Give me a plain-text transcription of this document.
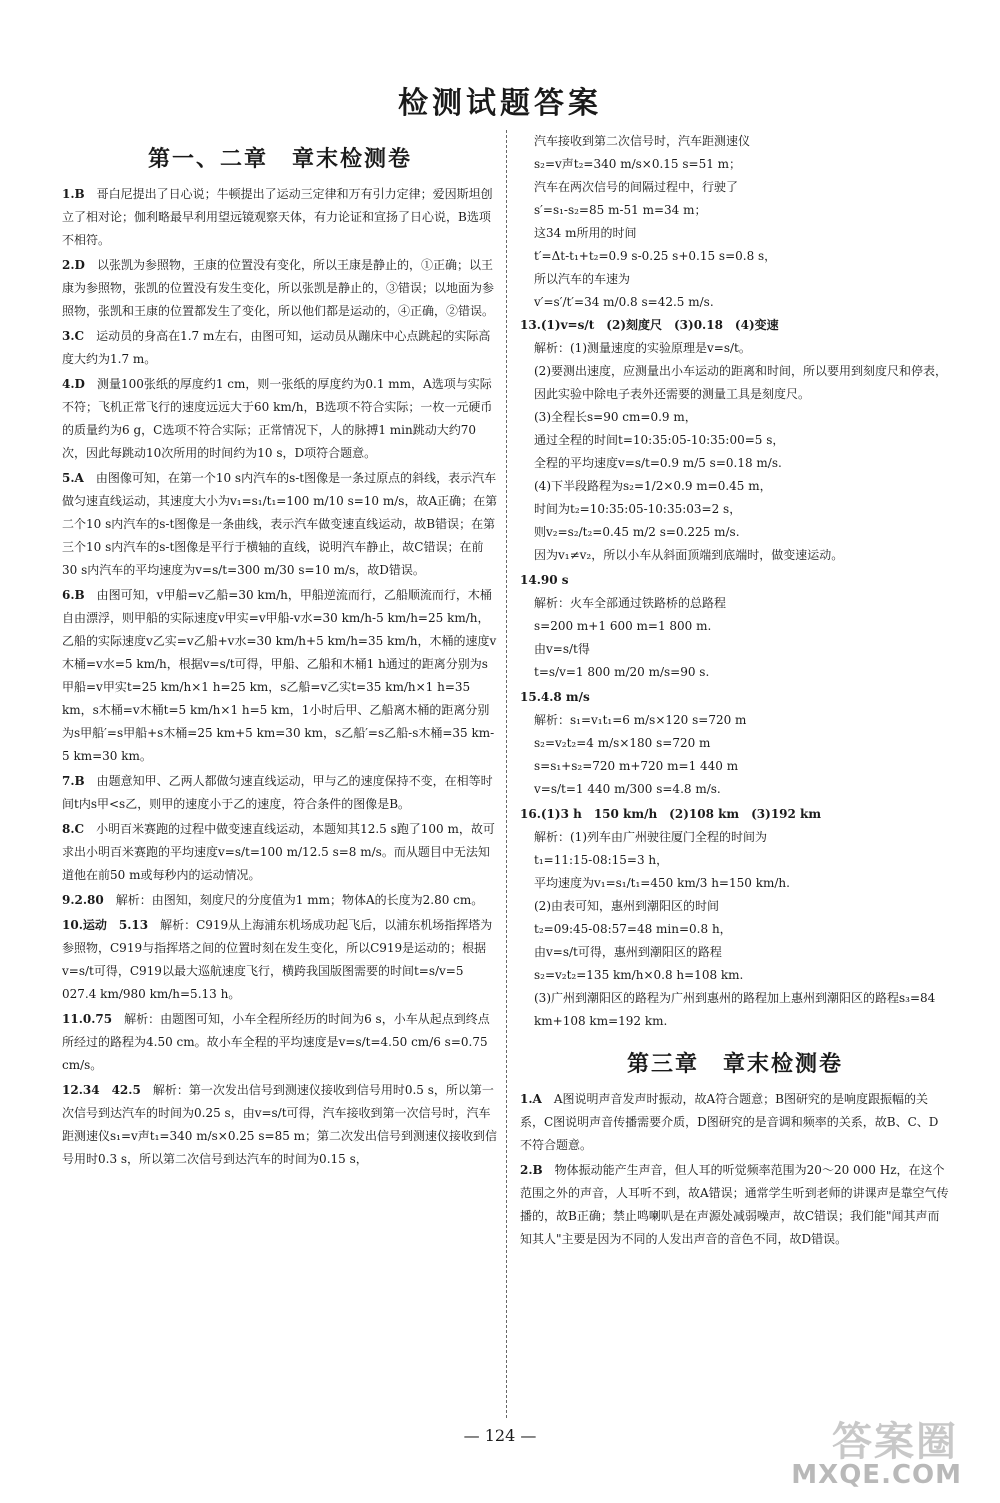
检测试题答案
第一、二章　章末检测卷
1.B　哥白尼提出了日心说；牛顿提出了运动三定律和万有引力定律；爱因斯坦创立了相对论；伽利略最早利用望远镜观察天体，有力论证和宣扬了日心说，B选项不相符。
2.D　以张凯为参照物，王康的位置没有变化，所以王康是静止的，①正确；以王康为参照物，张凯的位置没有发生变化，所以张凯是静止的，③错误；以地面为参照物，张凯和王康的位置都发生了变化，所以他们都是运动的，④正确，②错误。
3.C　运动员的身高在1.7 m左右，由图可知，运动员从蹦床中心点跳起的实际高度大约为1.7 m。
4.D　测量100张纸的厚度约1 cm，则一张纸的厚度约为0.1 mm，A选项与实际不符；飞机正常飞行的速度远远大于60 km/h，B选项不符合实际；一枚一元硬币的质量约为6 g，C选项不符合实际；正常情况下，人的脉搏1 min跳动大约70次，因此每跳动10次所用的时间约为10 s，D项符合题意。
5.A　由图像可知，在第一个10 s内汽车的s-t图像是一条过原点的斜线，表示汽车做匀速直线运动，其速度大小为v₁=s₁/t₁=100 m/10 s=10 m/s，故A正确；在第二个10 s内汽车的s-t图像是一条曲线，表示汽车做变速直线运动，故B错误；在第三个10 s内汽车的s-t图像是平行于横轴的直线，说明汽车静止，故C错误；在前30 s内汽车的平均速度为v=s/t=300 m/30 s=10 m/s，故D错误。
6.B　由图可知，v甲船=v乙船=30 km/h，甲船逆流而行，乙船顺流而行，木桶自由漂浮，则甲船的实际速度v甲实=v甲船-v水=30 km/h-5 km/h=25 km/h，乙船的实际速度v乙实=v乙船+v水=30 km/h+5 km/h=35 km/h，木桶的速度v木桶=v水=5 km/h，根据v=s/t可得，甲船、乙船和木桶1 h通过的距离分别为s甲船=v甲实t=25 km/h×1 h=25 km，s乙船=v乙实t=35 km/h×1 h=35 km，s木桶=v木桶t=5 km/h×1 h=5 km，1小时后甲、乙船离木桶的距离分别为s甲船′=s甲船+s木桶=25 km+5 km=30 km，s乙船′=s乙船-s木桶=35 km-5 km=30 km。
7.B　由题意知甲、乙两人都做匀速直线运动，甲与乙的速度保持不变，在相等时间t内s甲<s乙，则甲的速度小于乙的速度，符合条件的图像是B。
8.C　小明百米赛跑的过程中做变速直线运动，本题知其12.5 s跑了100 m，故可求出小明百米赛跑的平均速度v=s/t=100 m/12.5 s=8 m/s。而从题目中无法知道他在前50 m或每秒内的运动情况。
9.2.80　解析：由图知，刻度尺的分度值为1 mm；物体A的长度为2.80 cm。
10.运动　5.13　解析：C919从上海浦东机场成功起飞后，以浦东机场指挥塔为参照物，C919与指挥塔之间的位置时刻在发生变化，所以C919是运动的；根据v=s/t可得，C919以最大巡航速度飞行，横跨我国版图需要的时间t=s/v=5 027.4 km/980 km/h=5.13 h。
11.0.75　解析：由题图可知，小车全程所经历的时间为6 s，小车从起点到终点所经过的路程为4.50 cm。故小车全程的平均速度是v=s/t=4.50 cm/6 s=0.75 cm/s。
12.34　42.5　解析：第一次发出信号到测速仪接收到信号用时0.5 s，所以第一次信号到达汽车的时间为0.25 s，由v=s/t可得，汽车接收到第一次信号时，汽车距测速仪s₁=v声t₁=340 m/s×0.25 s=85 m；第二次发出信号到测速仪接收到信号用时0.3 s，所以第二次信号到达汽车的时间为0.15 s，
汽车接收到第二次信号时，汽车距测速仪
s₂=v声t₂=340 m/s×0.15 s=51 m；
汽车在两次信号的间隔过程中，行驶了
s′=s₁-s₂=85 m-51 m=34 m；
这34 m所用的时间
t′=Δt-t₁+t₂=0.9 s-0.25 s+0.15 s=0.8 s，
所以汽车的车速为
v′=s′/t′=34 m/0.8 s=42.5 m/s.
13.(1)v=s/t　(2)刻度尺　(3)0.18　(4)变速
解析：(1)测量速度的实验原理是v=s/t。
(2)要测出速度，应测量出小车运动的距离和时间，所以要用到刻度尺和停表，因此实验中除电子表外还需要的测量工具是刻度尺。
(3)全程长s=90 cm=0.9 m，
通过全程的时间t=10:35:05-10:35:00=5 s，
全程的平均速度v=s/t=0.9 m/5 s=0.18 m/s.
(4)下半段路程为s₂=1/2×0.9 m=0.45 m，
时间为t₂=10:35:05-10:35:03=2 s，
则v₂=s₂/t₂=0.45 m/2 s=0.225 m/s.
因为v₁≠v₂，所以小车从斜面顶端到底端时，做变速运动。
14.90 s
解析：火车全部通过铁路桥的总路程
s=200 m+1 600 m=1 800 m.
由v=s/t得
t=s/v=1 800 m/20 m/s=90 s.
15.4.8 m/s
解析：s₁=v₁t₁=6 m/s×120 s=720 m
s₂=v₂t₂=4 m/s×180 s=720 m
s=s₁+s₂=720 m+720 m=1 440 m
v=s/t=1 440 m/300 s=4.8 m/s.
16.(1)3 h　150 km/h　(2)108 km　(3)192 km
解析：(1)列车由广州驶往厦门全程的时间为
t₁=11:15-08:15=3 h，
平均速度为v₁=s₁/t₁=450 km/3 h=150 km/h.
(2)由表可知，惠州到潮阳区的时间
t₂=09:45-08:57=48 min=0.8 h，
由v=s/t可得，惠州到潮阳区的路程
s₂=v₂t₂=135 km/h×0.8 h=108 km.
(3)广州到潮阳区的路程为广州到惠州的路程加上惠州到潮阳区的路程s₃=84 km+108 km=192 km.
第三章　章末检测卷
1.A　A图说明声音发声时振动，故A符合题意；B图研究的是响度跟振幅的关系，C图说明声音传播需要介质，D图研究的是音调和频率的关系，故B、C、D不符合题意。
2.B　物体振动能产生声音，但人耳的听觉频率范围为20～20 000 Hz，在这个范围之外的声音，人耳听不到，故A错误；通常学生听到老师的讲课声是靠空气传播的，故B正确；禁止鸣喇叭是在声源处减弱噪声，故C错误；我们能"闻其声而知其人"主要是因为不同的人发出声音的音色不同，故D错误。
— 124 —	答案圈
MXQE.COM
